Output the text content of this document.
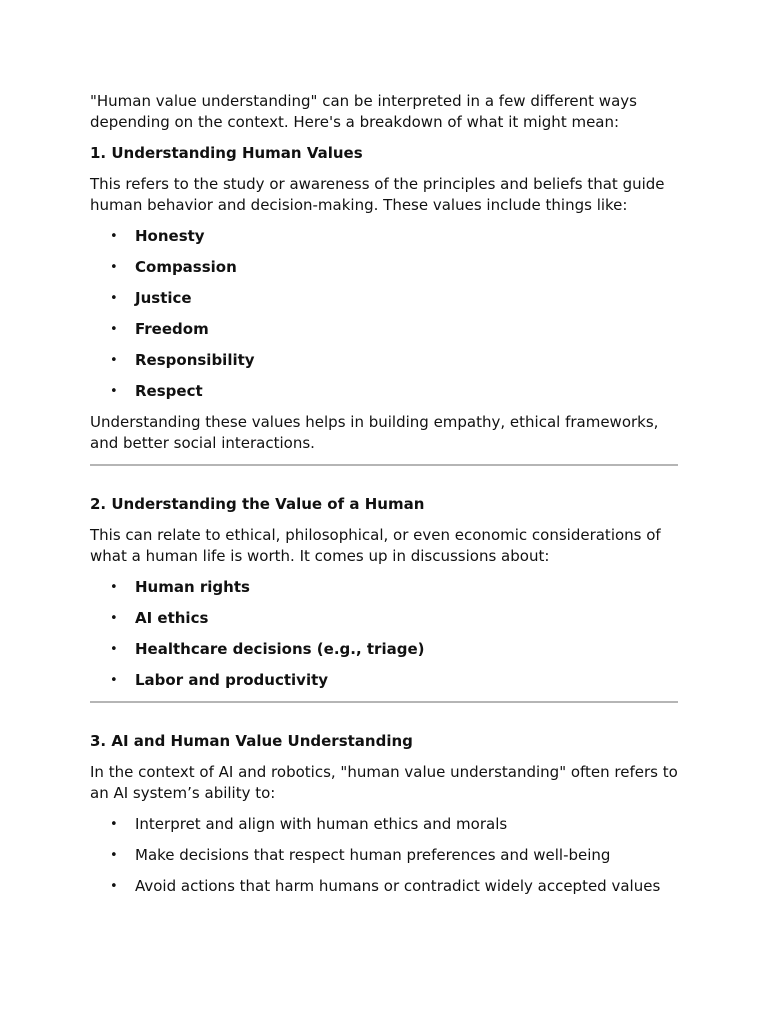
"Human value understanding" can be interpreted in a few different ways depending on the context. Here's a breakdown of what it might mean:

1. Understanding Human Values

This refers to the study or awareness of the principles and beliefs that guide human behavior and decision-making. These values include things like:

• Honesty
• Compassion
• Justice
• Freedom
• Responsibility
• Respect

Understanding these values helps in building empathy, ethical frameworks, and better social interactions.

2. Understanding the Value of a Human

This can relate to ethical, philosophical, or even economic considerations of what a human life is worth. It comes up in discussions about:

• Human rights
• AI ethics
• Healthcare decisions (e.g., triage)
• Labor and productivity
3. AI and Human Value Understanding

In the context of AI and robotics, "human value understanding" often refers to an AI system’s ability to:

• Interpret and align with human ethics and morals
• Make decisions that respect human preferences and well-being
• Avoid actions that harm humans or contradict widely accepted values
